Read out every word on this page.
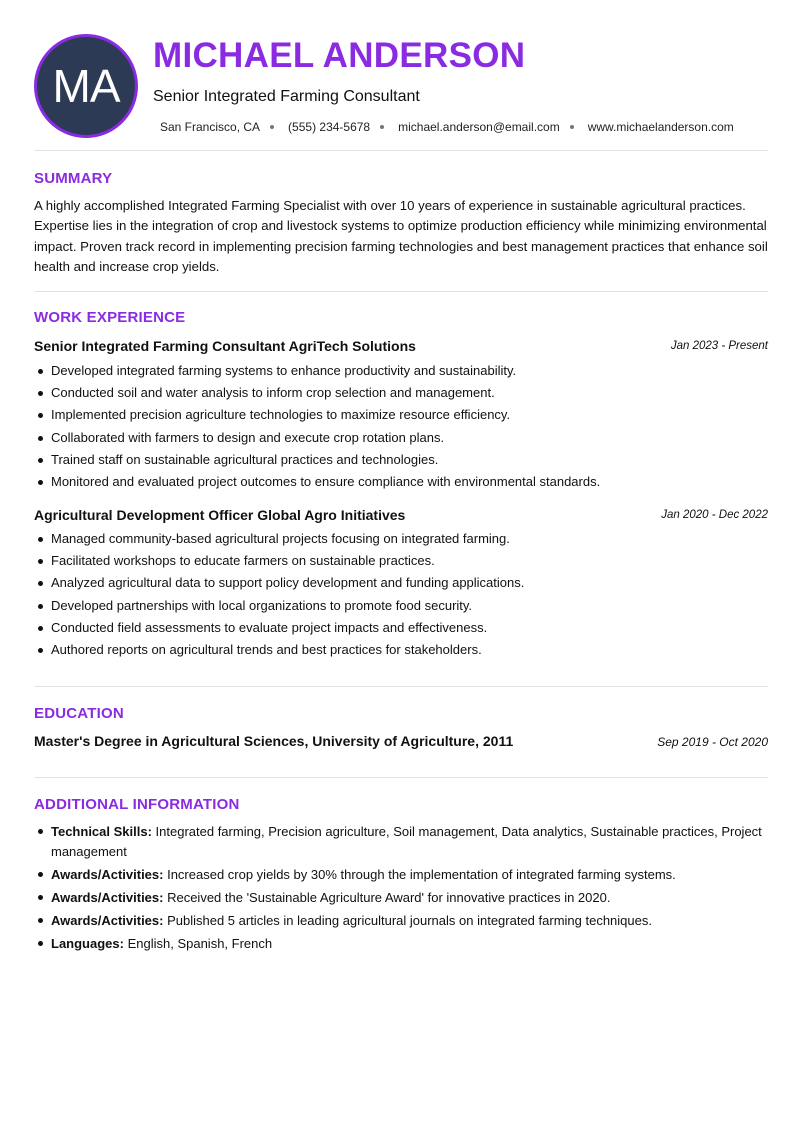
MA
MICHAEL ANDERSON
Senior Integrated Farming Consultant
San Francisco, CA (555) 234-5678 michael.anderson@email.com www.michaelanderson.com
SUMMARY

A highly accomplished Integrated Farming Specialist with over 10 years of experience in sustainable agricultural practices. Expertise lies in the integration of crop and livestock systems to optimize production efficiency while minimizing environmental impact. Proven track record in implementing precision farming technologies and best management practices that enhance soil health and increase crop yields.

WORK EXPERIENCE
Senior Integrated Farming Consultant AgriTech Solutions	Jan 2023 - Present
Developed integrated farming systems to enhance productivity and sustainability.
Conducted soil and water analysis to inform crop selection and management.
Implemented precision agriculture technologies to maximize resource efficiency.
Collaborated with farmers to design and execute crop rotation plans.
Trained staff on sustainable agricultural practices and technologies.
Monitored and evaluated project outcomes to ensure compliance with environmental standards.
Agricultural Development Officer Global Agro Initiatives	Jan 2020 - Dec 2022
Managed community-based agricultural projects focusing on integrated farming.
Facilitated workshops to educate farmers on sustainable practices.
Analyzed agricultural data to support policy development and funding applications.
Developed partnerships with local organizations to promote food security.
Conducted field assessments to evaluate project impacts and effectiveness.
Authored reports on agricultural trends and best practices for stakeholders.
EDUCATION
Master's Degree in Agricultural Sciences, University of Agriculture, 2011	Sep 2019 - Oct 2020
ADDITIONAL INFORMATION
Technical Skills: Integrated farming, Precision agriculture, Soil management, Data analytics, Sustainable practices, Project management
Awards/Activities: Increased crop yields by 30% through the implementation of integrated farming systems.
Awards/Activities: Received the 'Sustainable Agriculture Award' for innovative practices in 2020.
Awards/Activities: Published 5 articles in leading agricultural journals on integrated farming techniques.
Languages: English, Spanish, French
